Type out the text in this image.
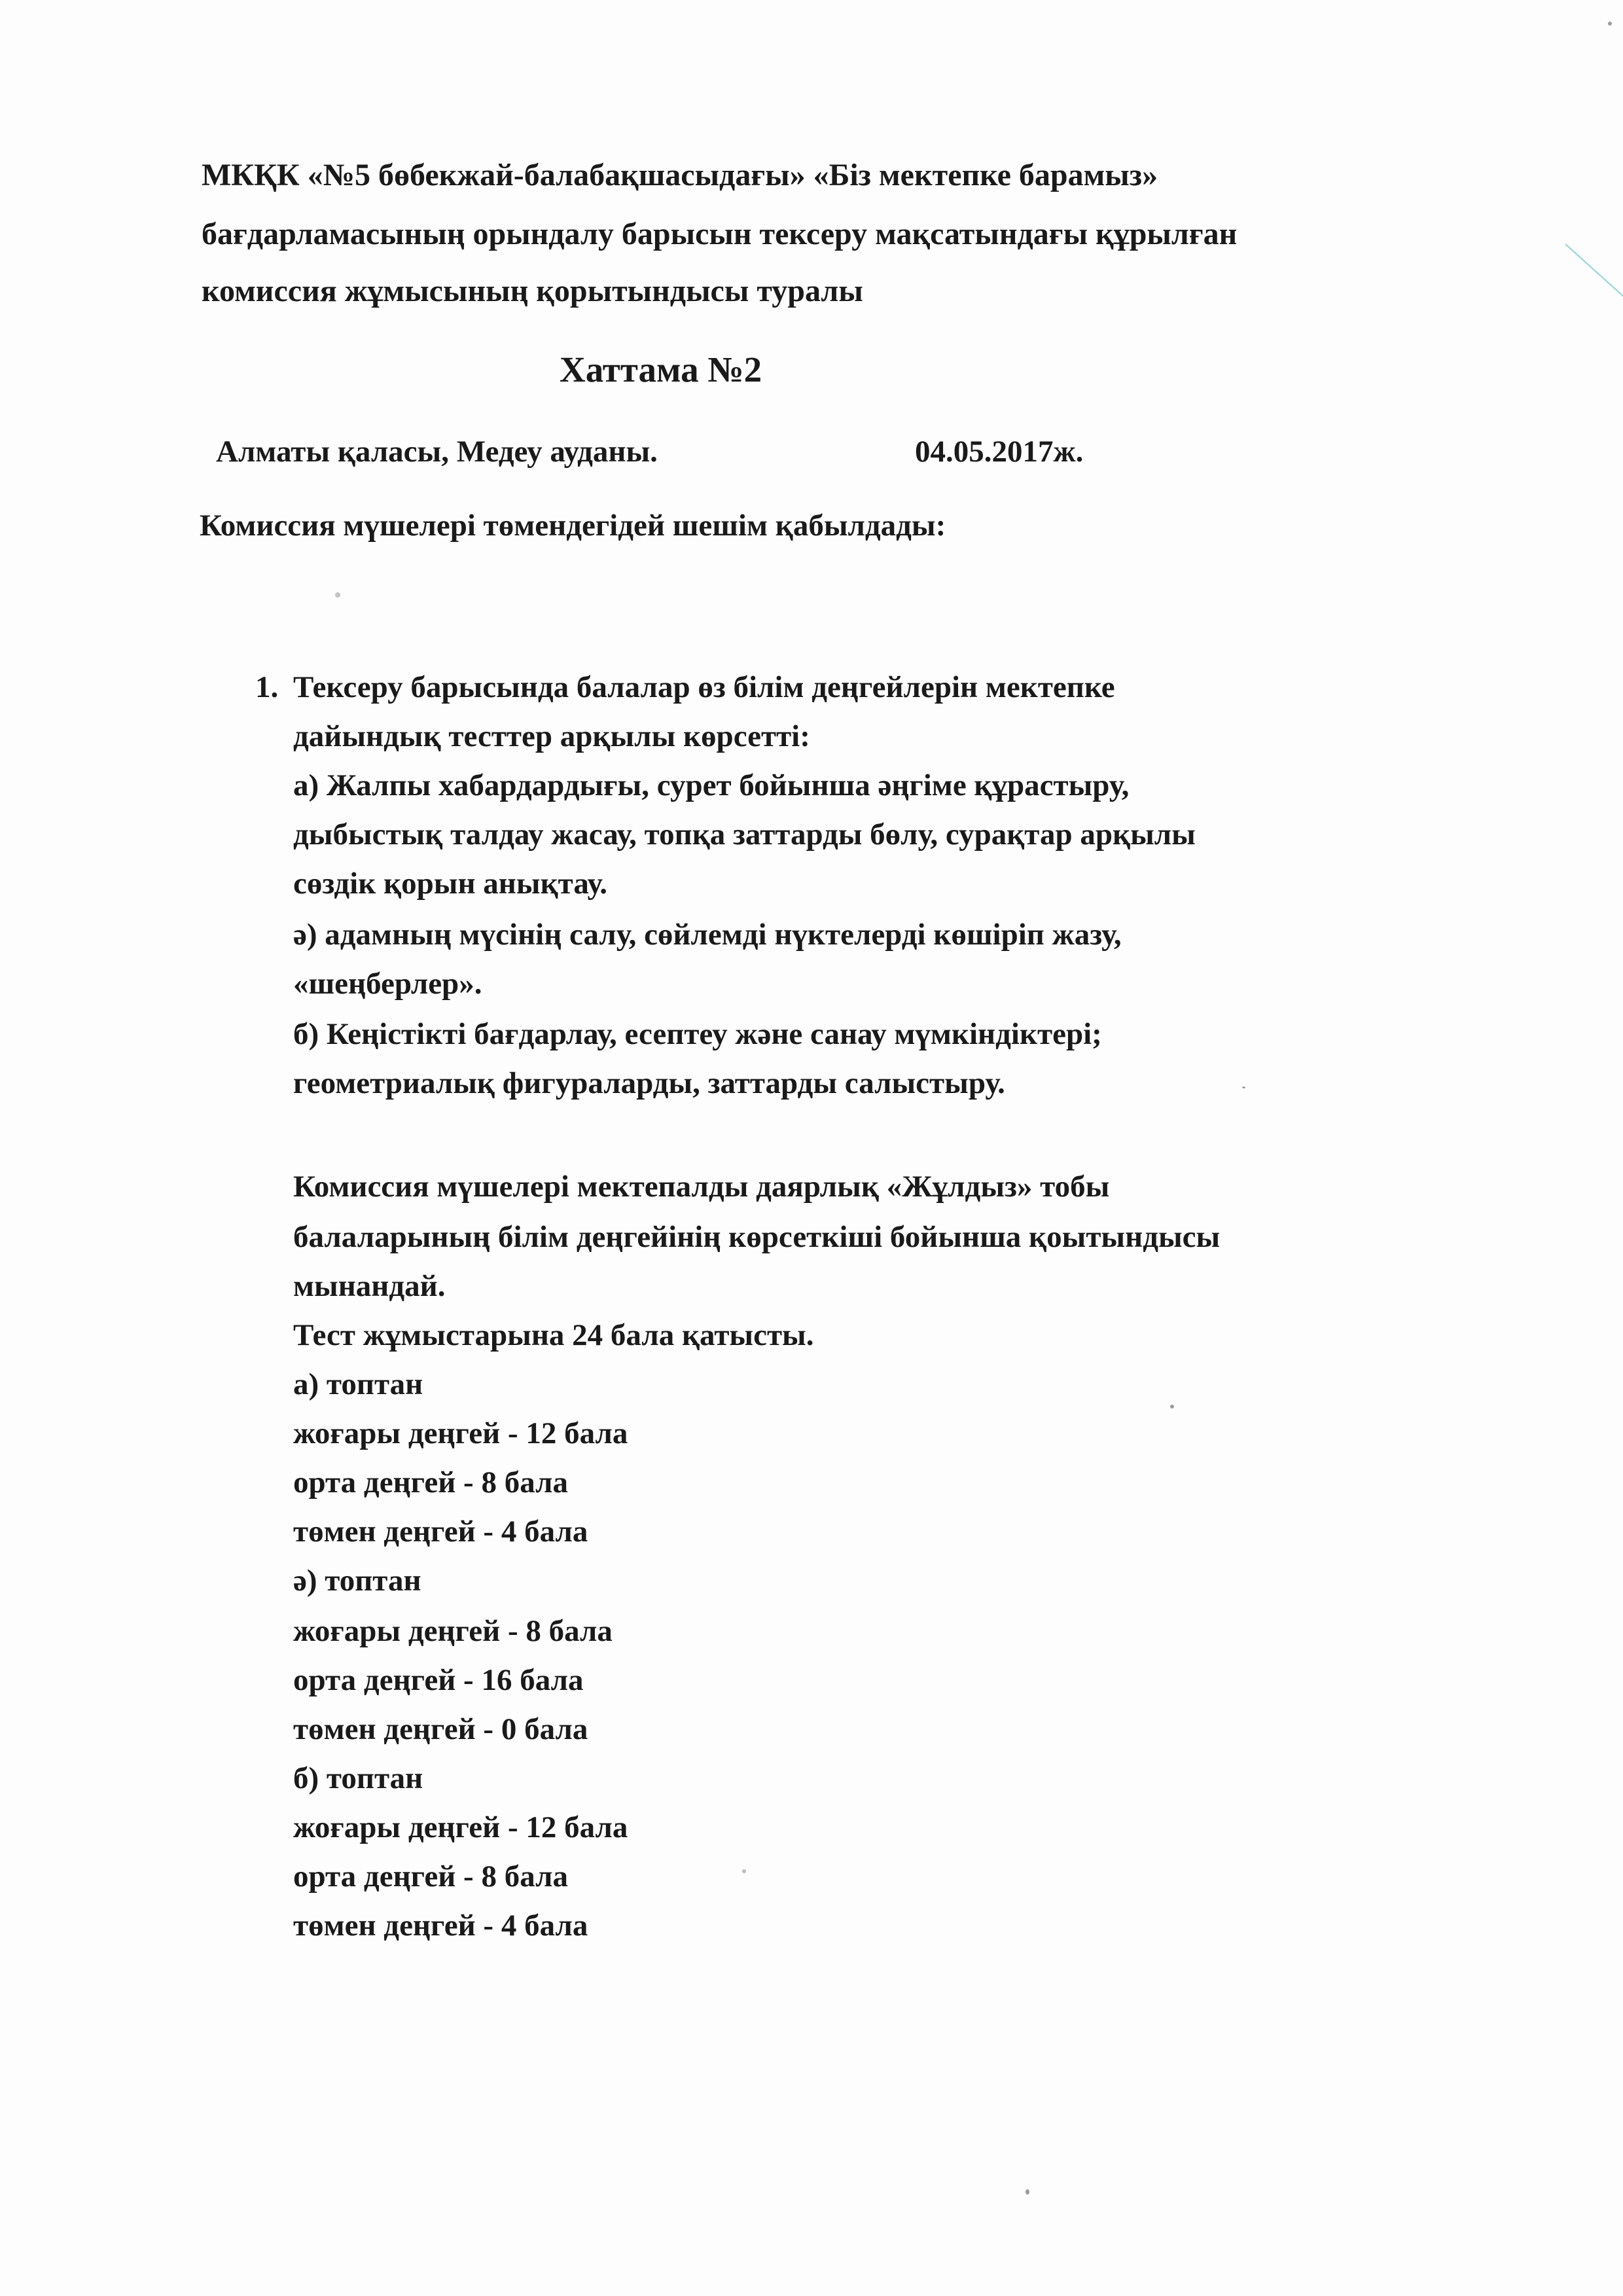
МКҚК «№5 бөбекжай-балабақшасыдағы» «Біз мектепке барамыз»
бағдарламасының орындалу барысын тексеру мақсатындағы құрылған
комиссия жұмысының қорытындысы туралы
Хаттама №2
Алматы қаласы, Медеу ауданы.	04.05.2017ж.
Комиссия мүшелері төмендегідей шешім қабылдады:
1. Тексеру барысында балалар өз білім деңгейлерін мектепке
дайындық тесттер арқылы көрсетті:
а) Жалпы хабардардығы, сурет бойынша әңгіме құрастыру,
дыбыстық талдау жасау, топқа заттарды бөлу, сурақтар арқылы
сөздік қорын анықтау.
ә) адамның мүсінің салу, сөйлемді нүктелерді көшіріп жазу,
«шеңберлер».
б) Кеңістікті бағдарлау, есептеу және санау мүмкіндіктерi;
геометриалық фигураларды, заттарды салыстыру.
Комиссия мүшелері мектепалды даярлық «Жұлдыз» тобы
балаларының білім деңгейінің көрсеткіші бойынша қоытындысы
мынандай.
Тест жұмыстарына 24 бала қатысты.
а) топтан
жоғары деңгей - 12 бала
орта деңгей - 8 бала
төмен деңгей - 4 бала
ә) топтан
жоғары деңгей - 8 бала
орта деңгей - 16 бала
төмен деңгей - 0 бала
б) топтан
жоғары деңгей - 12 бала
орта деңгей - 8 бала
төмен деңгей - 4 бала
